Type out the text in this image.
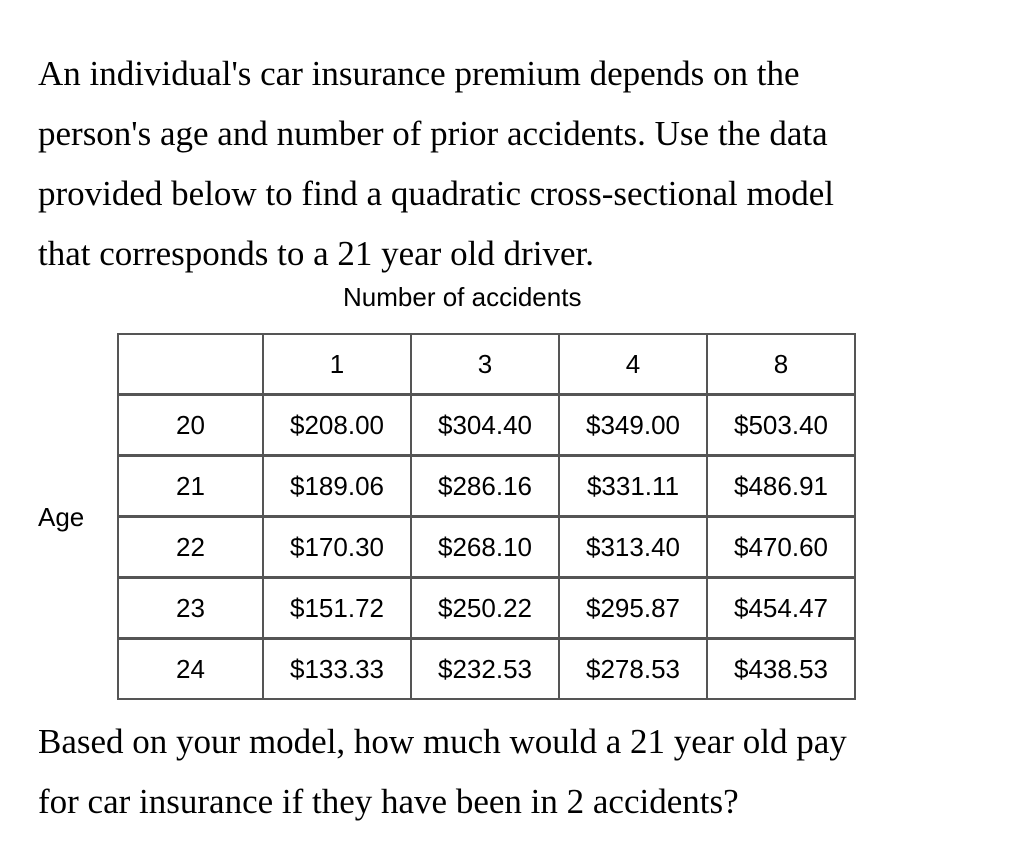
An individual's car insurance premium depends on the
person's age and number of prior accidents. Use the data
provided below to find a quadratic cross-sectional model
that corresponds to a 21 year old driver.

Number of accidents
Age
	1	3	4	8
20	$208.00	$304.40	$349.00	$503.40
21	$189.06	$286.16	$331.11	$486.91
22	$170.30	$268.10	$313.40	$470.60
23	$151.72	$250.22	$295.87	$454.47
24	$133.33	$232.53	$278.53	$438.53

Based on your model, how much would a 21 year old pay
for car insurance if they have been in 2 accidents?
